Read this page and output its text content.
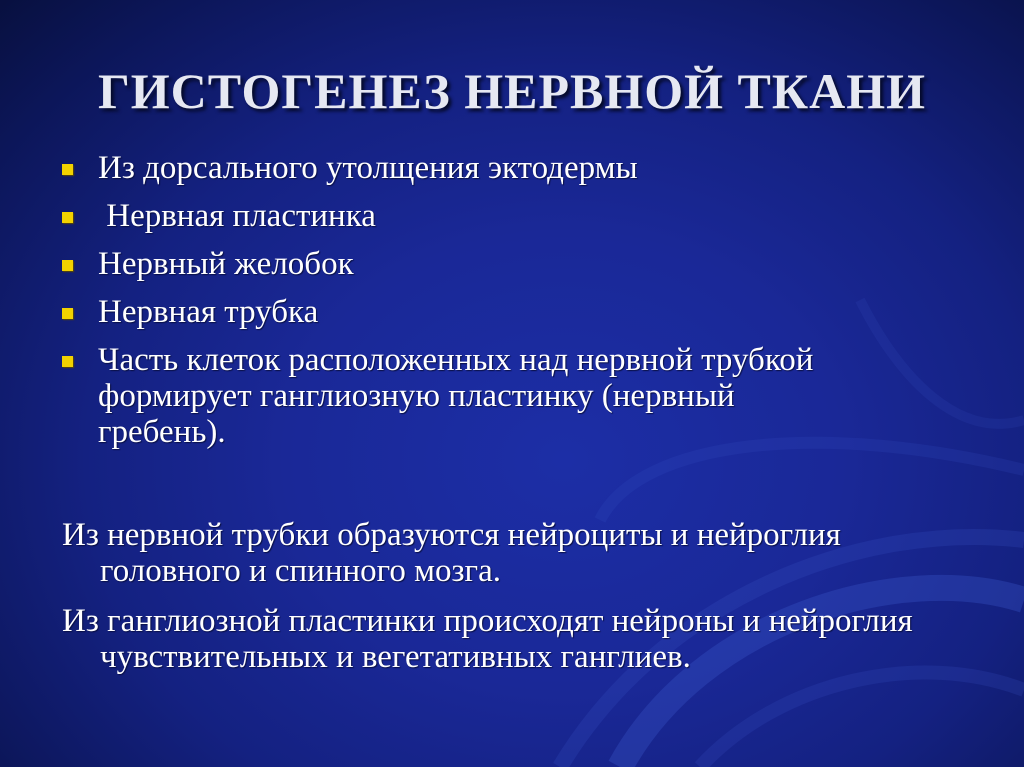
ГИСТОГЕНЕЗ НЕРВНОЙ ТКАНИ
Из дорсального утолщения эктодермы
Нервная пластинка
Нервный желобок
Нервная трубка
Часть клеток расположенных над нервной трубкой формирует ганглиозную пластинку (нервный гребень).
Из нервной трубки образуются нейроциты и нейроглия головного и спинного мозга.
Из ганглиозной пластинки происходят нейроны и нейроглия чувствительных и вегетативных ганглиев.
